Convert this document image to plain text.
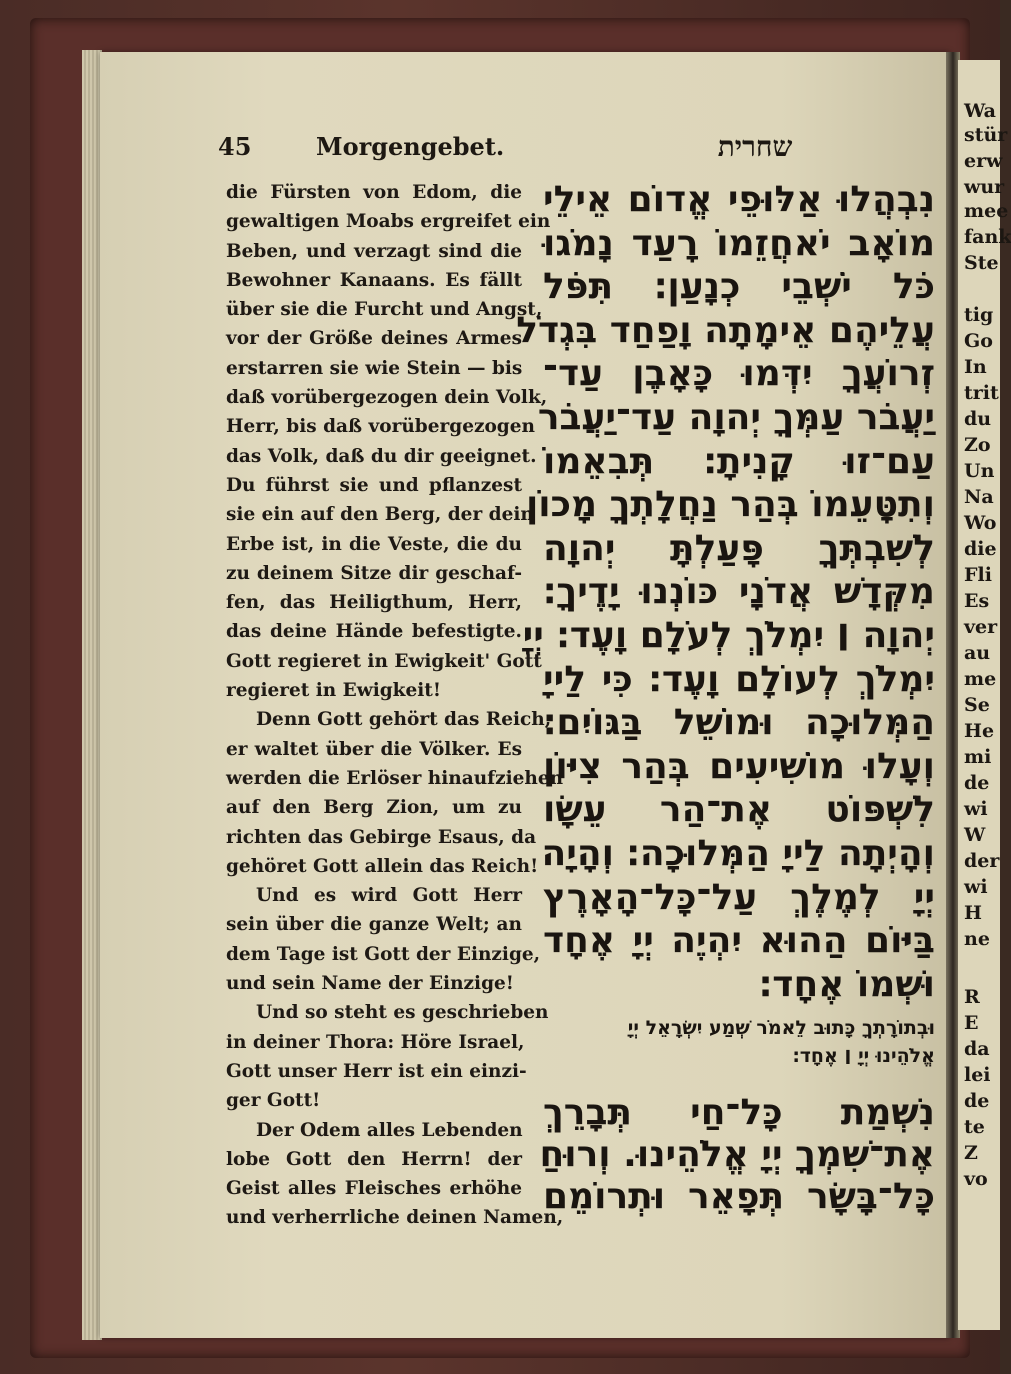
Wa
stür
erw
wur
mee
fank
Ste
tig
Go
In
trit
du
Zo
Un
Na
Wo
die
Fli
Es
ver
au
me
Se
He
mi
de
wi
W
der
wi
H
ne
R
E
da
lei
de
te
Z
vo
45	Morgengebet.	שחרית
die Fürsten von Edom, die
gewaltigen Moabs ergreifet ein
Beben, und verzagt sind die
Bewohner Kanaans. Es fällt
über sie die Furcht und Angst,
vor der Größe deines Armes
erstarren sie wie Stein — bis
daß vorübergezogen dein Volk,
Herr, bis daß vorübergezogen
das Volk, daß du dir geeignet.
Du führst sie und pflanzest
sie ein auf den Berg, der dein
Erbe ist, in die Veste, die du
zu deinem Sitze dir geschaf-
fen, das Heiligthum, Herr,
das deine Hände befestigte.
Gott regieret in Ewigkeit' Gott
regieret in Ewigkeit!
Denn Gott gehört das Reich,
er waltet über die Völker. Es
werden die Erlöser hinaufziehen
auf den Berg Zion, um zu
richten das Gebirge Esaus, da
gehöret Gott allein das Reich!
Und es wird Gott Herr
sein über die ganze Welt; an
dem Tage ist Gott der Einzige,
und sein Name der Einzige!
Und so steht es geschrieben
in deiner Thora: Höre Israel,
Gott unser Herr ist ein einzi-
ger Gott!
Der Odem alles Lebenden
lobe Gott den Herrn! der
Geist alles Fleisches erhöhe
und verherrliche deinen Namen,
נִבְהֲלוּ אַלּוּפֵי אֱדוֹם אֵילֵי
מוֹאָב יֹאחֲזֵמוֹ רָעַד נָמֹגוּ
כֹּל יֹשְׁבֵי כְנָעַן׃ תִּפֹּל
עֲלֵיהֶם אֵימָתָה וָפַחַד בִּגְדֹל
זְרוֹעֲךָ יִדְּמוּ כָּאָבֶן עַד־
יַעֲבֹר עַמְּךָ יְהוָה עַד־יַעֲבֹר
עַם־זוּ קָנִיתָ׃ תְּבִאֵמוֹ
וְתִטָּעֵמוֹ בְּהַר נַחֲלָתְךָ מָכוֹן
לְשִׁבְתְּךָ פָּעַלְתָּ יְהוָה
מִקְּדָשׁ אֲדֹנָי כּוֹנְנוּ יָדֶיךָ׃
יְהוָה ׀ יִמְלֹךְ לְעֹלָם וָעֶד׃ יְיָ
יִמְלֹךְ לְעוֹלָם וָעֶד׃ כִּי לַייָ
הַמְּלוּכָה וּמוֹשֵׁל בַּגּוֹיִם׃
וְעָלוּ מוֹשִׁיעִים בְּהַר צִיּוֹן
לִשְׁפּוֹט אֶת־הַר עֵשָׂו
וְהָיְתָה לַייָ הַמְּלוּכָה׃ וְהָיָה
יְיָ לְמֶלֶךְ עַל־כָּל־הָאָרֶץ
בַּיּוֹם הַהוּא יִהְיֶה יְיָ אֶחָד
וּשְׁמוֹ אֶחָד׃
וּבְתוֹרָתְךָ כָּתוּב לֵאמֹר שְׁמַע יִשְׂרָאֵל יְיָ
אֱלֹהֵינוּ יְיָ ׀ אֶחָד׃
נִשְׁמַת כָּל־חַי תְּבָרֵךְ
אֶת־שִׁמְךָ יְיָ אֱלֹהֵינוּ. וְרוּחַ
כָּל־בָּשָׂר תְּפָאֵר וּתְרוֹמֵם
